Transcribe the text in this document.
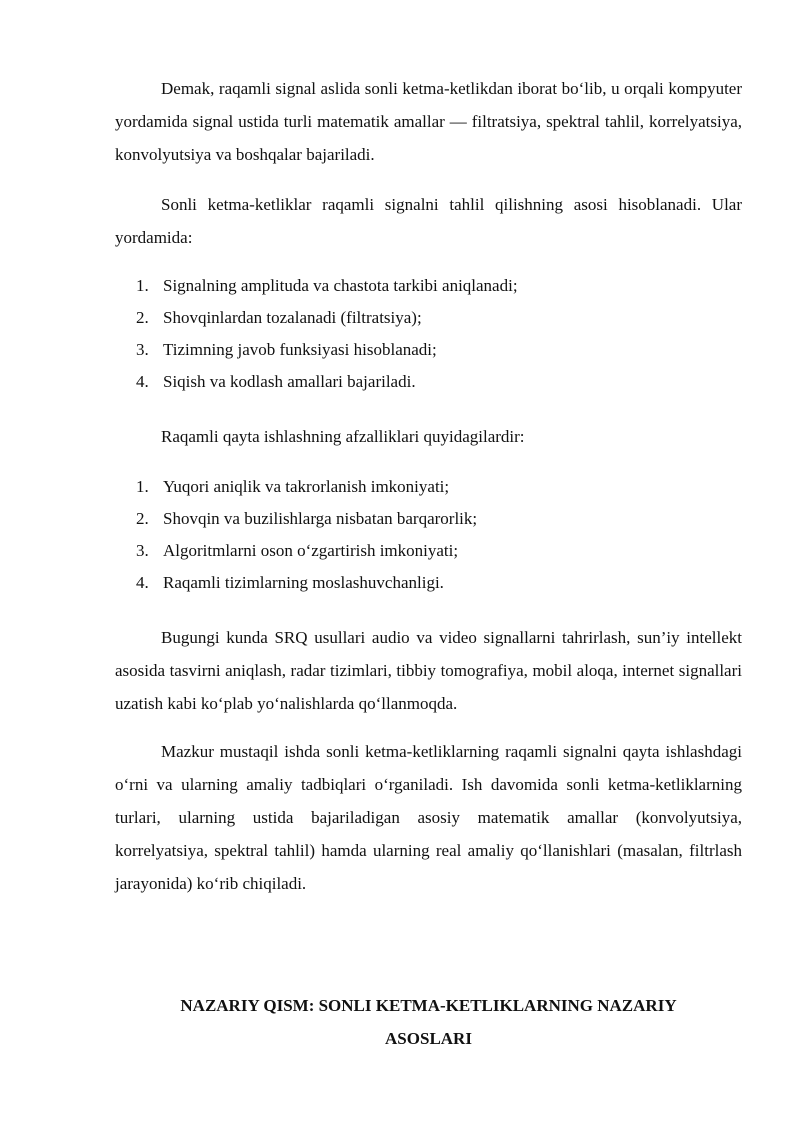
Demak, raqamli signal aslida sonli ketma-ketlikdan iborat bo‘lib, u orqali kompyuter yordamida signal ustida turli matematik amallar — filtratsiya, spektral tahlil, korrelyatsiya, konvolyutsiya va boshqalar bajariladi.

Sonli ketma-ketliklar raqamli signalni tahlil qilishning asosi hisoblanadi. Ular yordamida:

1. Signalning amplituda va chastota tarkibi aniqlanadi;
2. Shovqinlardan tozalanadi (filtratsiya);
3. Tizimning javob funksiyasi hisoblanadi;
4. Siqish va kodlash amallari bajariladi.

Raqamli qayta ishlashning afzalliklari quyidagilardir:

1. Yuqori aniqlik va takrorlanish imkoniyati;
2. Shovqin va buzilishlarga nisbatan barqarorlik;
3. Algoritmlarni oson o‘zgartirish imkoniyati;
4. Raqamli tizimlarning moslashuvchanligi.

Bugungi kunda SRQ usullari audio va video signallarni tahrirlash, sun’iy intellekt asosida tasvirni aniqlash, radar tizimlari, tibbiy tomografiya, mobil aloqa, internet signallari uzatish kabi ko‘plab yo‘nalishlarda qo‘llanmoqda.

Mazkur mustaqil ishda sonli ketma-ketliklarning raqamli signalni qayta ishlashdagi o‘rni va ularning amaliy tadbiqlari o‘rganiladi. Ish davomida sonli ketma-ketliklarning turlari, ularning ustida bajariladigan asosiy matematik amallar (konvolyutsiya, korrelyatsiya, spektral tahlil) hamda ularning real amaliy qo‘llanishlari (masalan, filtrlash jarayonida) ko‘rib chiqiladi.

NAZARIY QISM: SONLI KETMA-KETLIKLARNING NAZARIY
ASOSLARI
